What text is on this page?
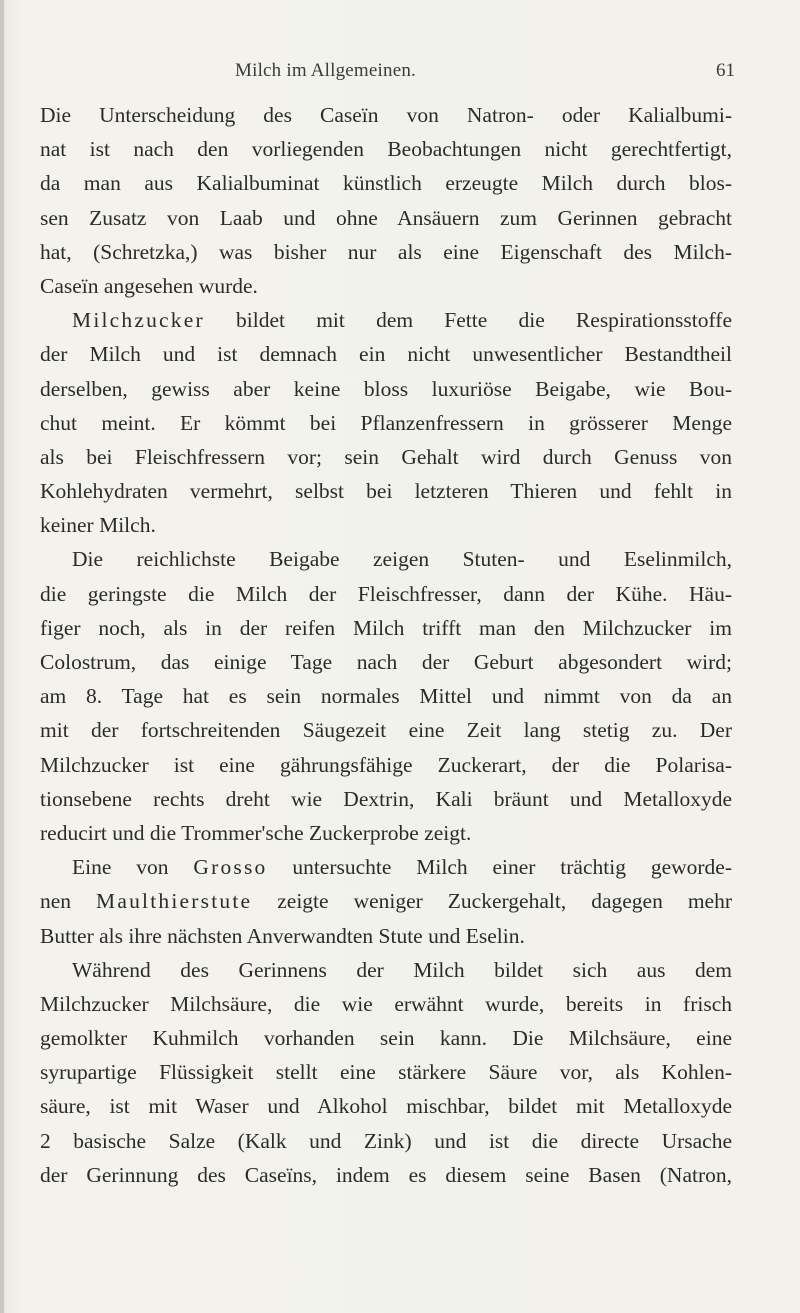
Milch im Allgemeinen.	61
Die Unterscheidung des Caseïn von Natron- oder Kalialbumi-
nat ist nach den vorliegenden Beobachtungen nicht gerechtfertigt,
da man aus Kalialbuminat künstlich erzeugte Milch durch blos-
sen Zusatz von Laab und ohne Ansäuern zum Gerinnen gebracht
hat, (Schretzka,) was bisher nur als eine Eigenschaft des Milch-
Caseïn angesehen wurde.
Milchzucker bildet mit dem Fette die Respirationsstoffe
der Milch und ist demnach ein nicht unwesentlicher Bestandtheil
derselben, gewiss aber keine bloss luxuriöse Beigabe, wie Bou-
chut meint. Er kömmt bei Pflanzenfressern in grösserer Menge
als bei Fleischfressern vor; sein Gehalt wird durch Genuss von
Kohlehydraten vermehrt, selbst bei letzteren Thieren und fehlt in
keiner Milch.
Die reichlichste Beigabe zeigen Stuten- und Eselinmilch,
die geringste die Milch der Fleischfresser, dann der Kühe. Häu-
figer noch, als in der reifen Milch trifft man den Milchzucker im
Colostrum, das einige Tage nach der Geburt abgesondert wird;
am 8. Tage hat es sein normales Mittel und nimmt von da an
mit der fortschreitenden Säugezeit eine Zeit lang stetig zu. Der
Milchzucker ist eine gährungsfähige Zuckerart, der die Polarisa-
tionsebene rechts dreht wie Dextrin, Kali bräunt und Metalloxyde
reducirt und die Trommer'sche Zuckerprobe zeigt.
Eine von Grosso untersuchte Milch einer trächtig geworde-
nen Maulthierstute zeigte weniger Zuckergehalt, dagegen mehr
Butter als ihre nächsten Anverwandten Stute und Eselin.
Während des Gerinnens der Milch bildet sich aus dem
Milchzucker Milchsäure, die wie erwähnt wurde, bereits in frisch
gemolkter Kuhmilch vorhanden sein kann. Die Milchsäure, eine
syrupartige Flüssigkeit stellt eine stärkere Säure vor, als Kohlen-
säure, ist mit Waser und Alkohol mischbar, bildet mit Metalloxyde
2 basische Salze (Kalk und Zink) und ist die directe Ursache
der Gerinnung des Caseïns, indem es diesem seine Basen (Natron,
